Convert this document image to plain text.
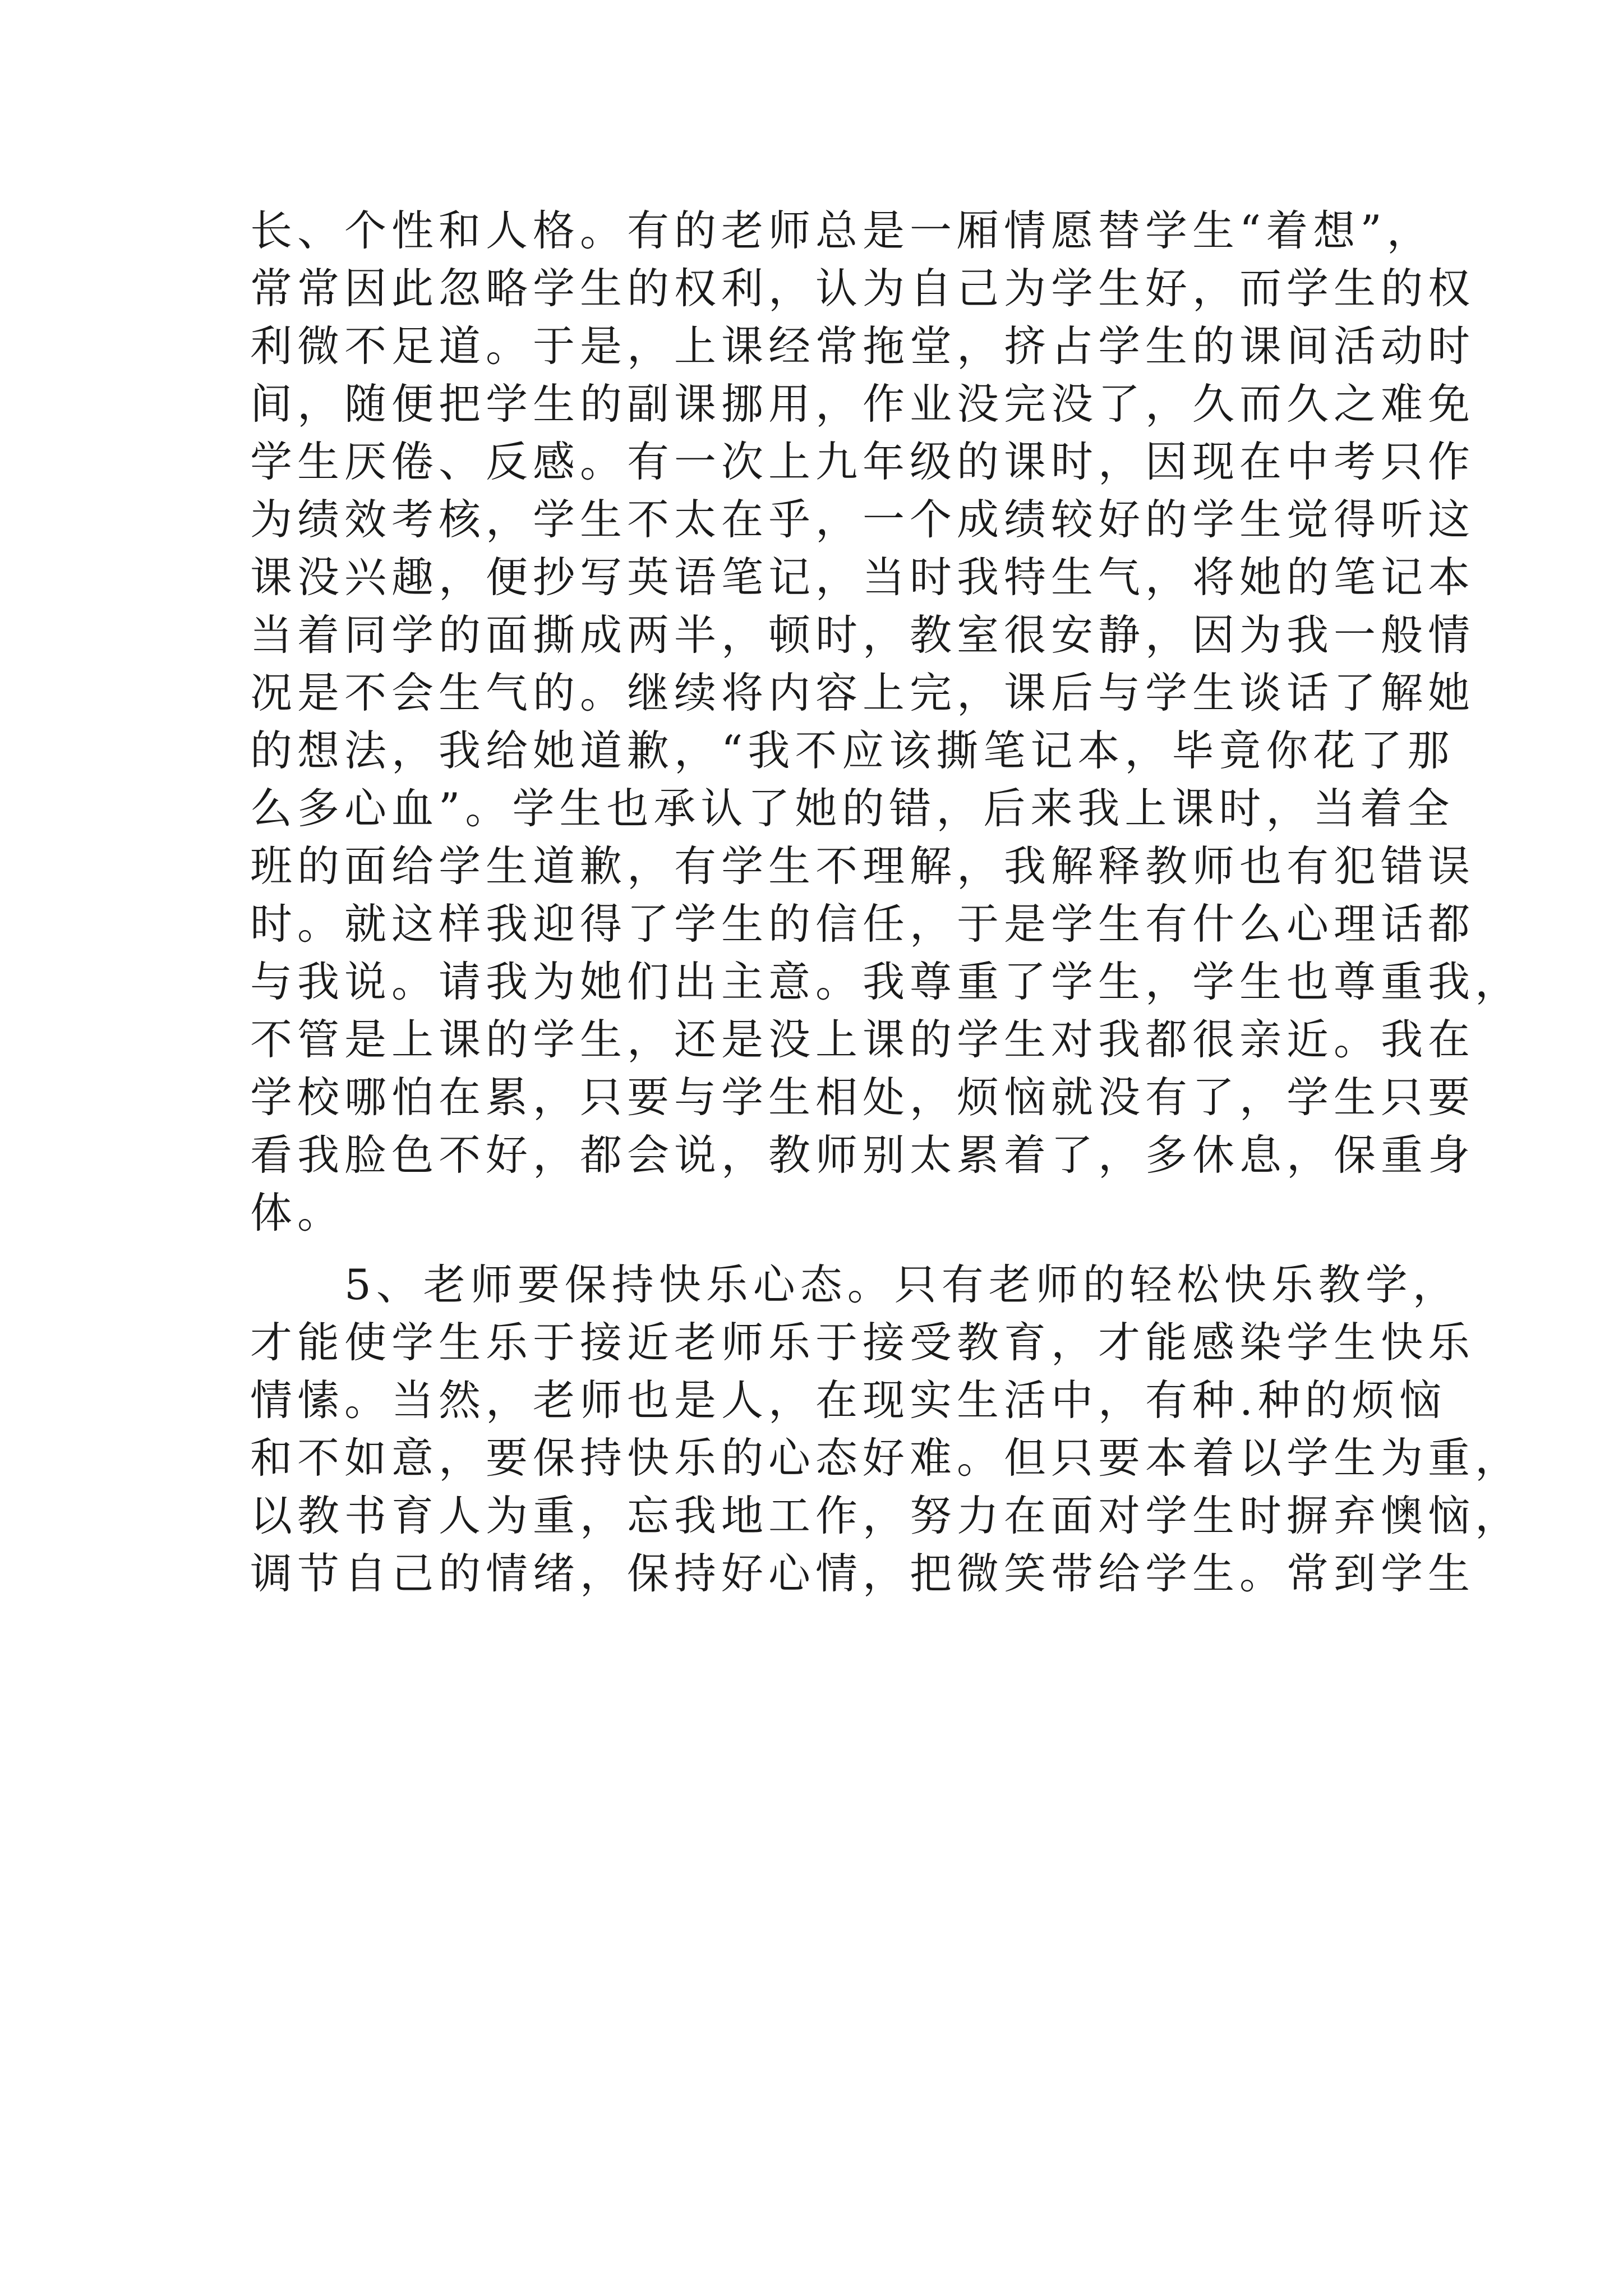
长、个性和人格。有的老师总是一厢情愿替学生“着想”，
常常因此忽略学生的权利，认为自己为学生好，而学生的权
利微不足道。于是，上课经常拖堂，挤占学生的课间活动时
间，随便把学生的副课挪用，作业没完没了，久而久之难免
学生厌倦、反感。有一次上九年级的课时，因现在中考只作
为绩效考核，学生不太在乎，一个成绩较好的学生觉得听这
课没兴趣，便抄写英语笔记，当时我特生气，将她的笔记本
当着同学的面撕成两半，顿时，教室很安静，因为我一般情
况是不会生气的。继续将内容上完，课后与学生谈话了解她
的想法，我给她道歉，“我不应该撕笔记本，毕竟你花了那
么多心血”。学生也承认了她的错，后来我上课时，当着全
班的面给学生道歉，有学生不理解，我解释教师也有犯错误
时。就这样我迎得了学生的信任，于是学生有什么心理话都
与我说。请我为她们出主意。我尊重了学生，学生也尊重我，
不管是上课的学生，还是没上课的学生对我都很亲近。我在
学校哪怕在累，只要与学生相处，烦恼就没有了，学生只要
看我脸色不好，都会说，教师别太累着了，多休息，保重身
体。
　　5、老师要保持快乐心态。只有老师的轻松快乐教学，
才能使学生乐于接近老师乐于接受教育，才能感染学生快乐
情愫。当然，老师也是人，在现实生活中，有种.种的烦恼
和不如意，要保持快乐的心态好难。但只要本着以学生为重，
以教书育人为重，忘我地工作，努力在面对学生时摒弃懊恼，
调节自己的情绪，保持好心情，把微笑带给学生。常到学生
